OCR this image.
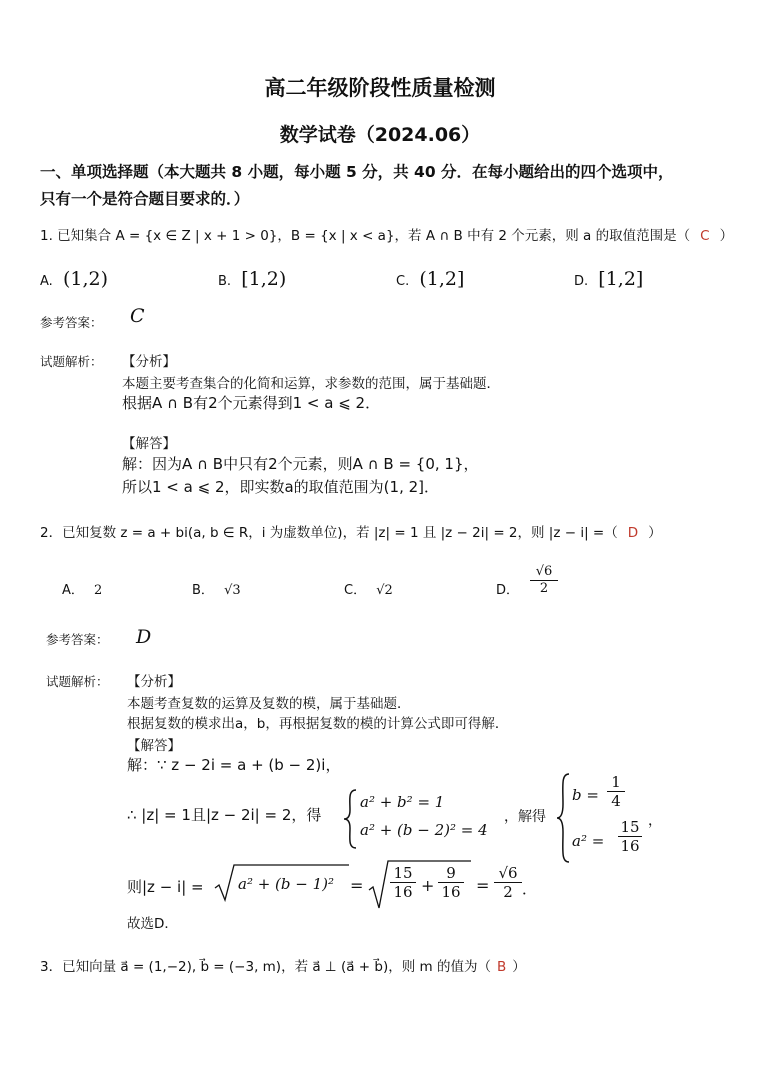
高二年级阶段性质量检测
数学试卷（2024.06）
一、单项选择题（本大题共 8 小题，每小题 5 分，共 40 分．在每小题给出的四个选项中，
只有一个是符合题目要求的．）
1. 已知集合 A = {x ∈ Z | x + 1 > 0}，B = {x | x < a}，若 A ∩ B 中有 2 个元素，则 a 的取值范围是（ C ）
A. (1,2)	B. [1,2)	C. (1,2]	D. [1,2]
参考答案： C
试题解析： 【分析】
本题主要考查集合的化简和运算，求参数的范围，属于基础题．
根据A ∩ B有2个元素得到1 < a ⩽ 2．
【解答】
解：因为A ∩ B中只有2个元素，则A ∩ B = {0, 1}，
所以1 < a ⩽ 2，即实数a的取值范围为(1, 2]．
2．已知复数 z = a + bi(a, b ∈ R，i 为虚数单位)，若 |z| = 1 且 |z − 2i| = 2，则 |z − i| =（ D ）
A． 2	B． √3	C． √2	D． $\frac{√6}{2}$
参考答案： D
试题解析： 【分析】
本题考查复数的运算及复数的模，属于基础题．
根据复数的模求出a，b，再根据复数的模的计算公式即可得解．
【解答】
解：∵ z − 2i = a + (b − 2)i，
∴ |z| = 1且|z − 2i| = 2，得
a² + b² = 1
a² + (b − 2)² = 4
，解得
$b = \frac{1}{4}$
$a^2 = \frac{15}{16}$ ，
则$|z - i| = a^2 + (b - 1)^2 = \frac{15}{16} + \frac{9}{16} = \frac{√6}{2}$ ．
故选D．
3．已知向量 a⃗ = (1,−2), b⃗ = (−3, m)，若 a⃗ ⊥ (a⃗ + b⃗)，则 m 的值为（ B ）
